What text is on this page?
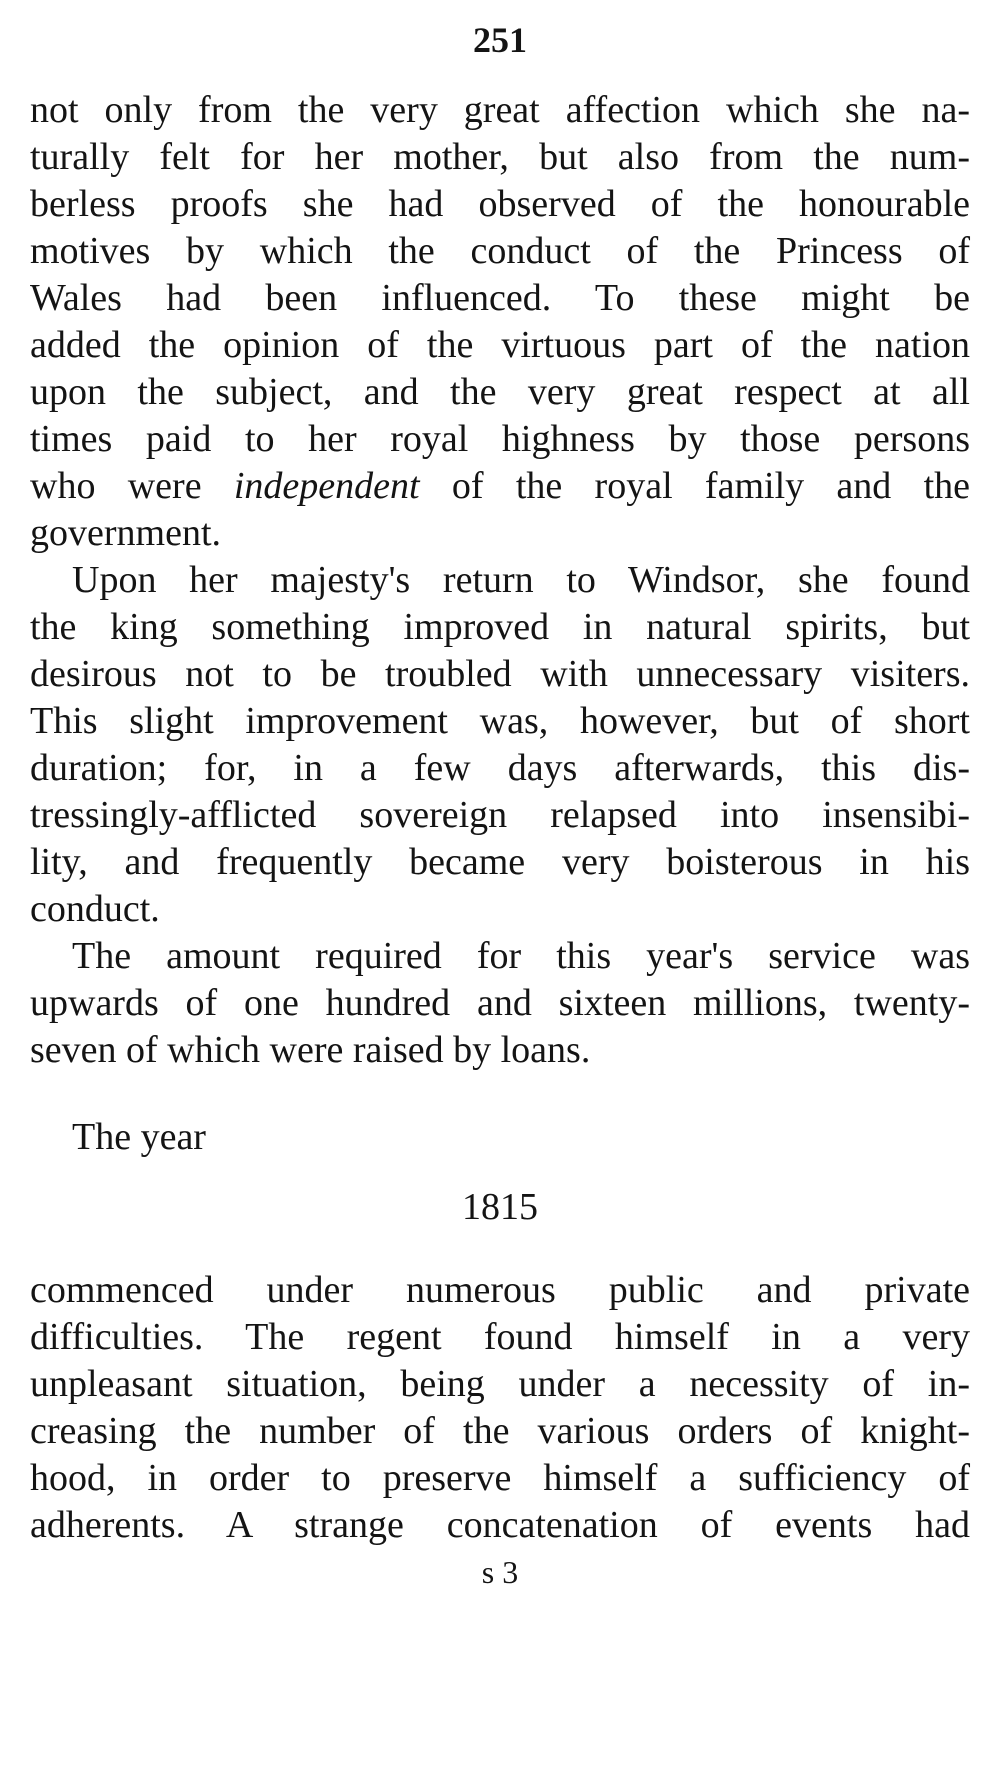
251
not only from the very great affection which she na-
turally felt for her mother, but also from the num-
berless proofs she had observed of the honourable
motives by which the conduct of the Princess of
Wales had been influenced. To these might be
added the opinion of the virtuous part of the nation
upon the subject, and the very great respect at all
times paid to her royal highness by those persons
who were independent of the royal family and the
government.
Upon her majesty's return to Windsor, she found
the king something improved in natural spirits, but
desirous not to be troubled with unnecessary visiters.
This slight improvement was, however, but of short
duration; for, in a few days afterwards, this dis-
tressingly-afflicted sovereign relapsed into insensibi-
lity, and frequently became very boisterous in his
conduct.
The amount required for this year's service was
upwards of one hundred and sixteen millions, twenty-
seven of which were raised by loans.
The year
1815
commenced under numerous public and private
difficulties. The regent found himself in a very
unpleasant situation, being under a necessity of in-
creasing the number of the various orders of knight-
hood, in order to preserve himself a sufficiency of
adherents. A strange concatenation of events had
s 3
